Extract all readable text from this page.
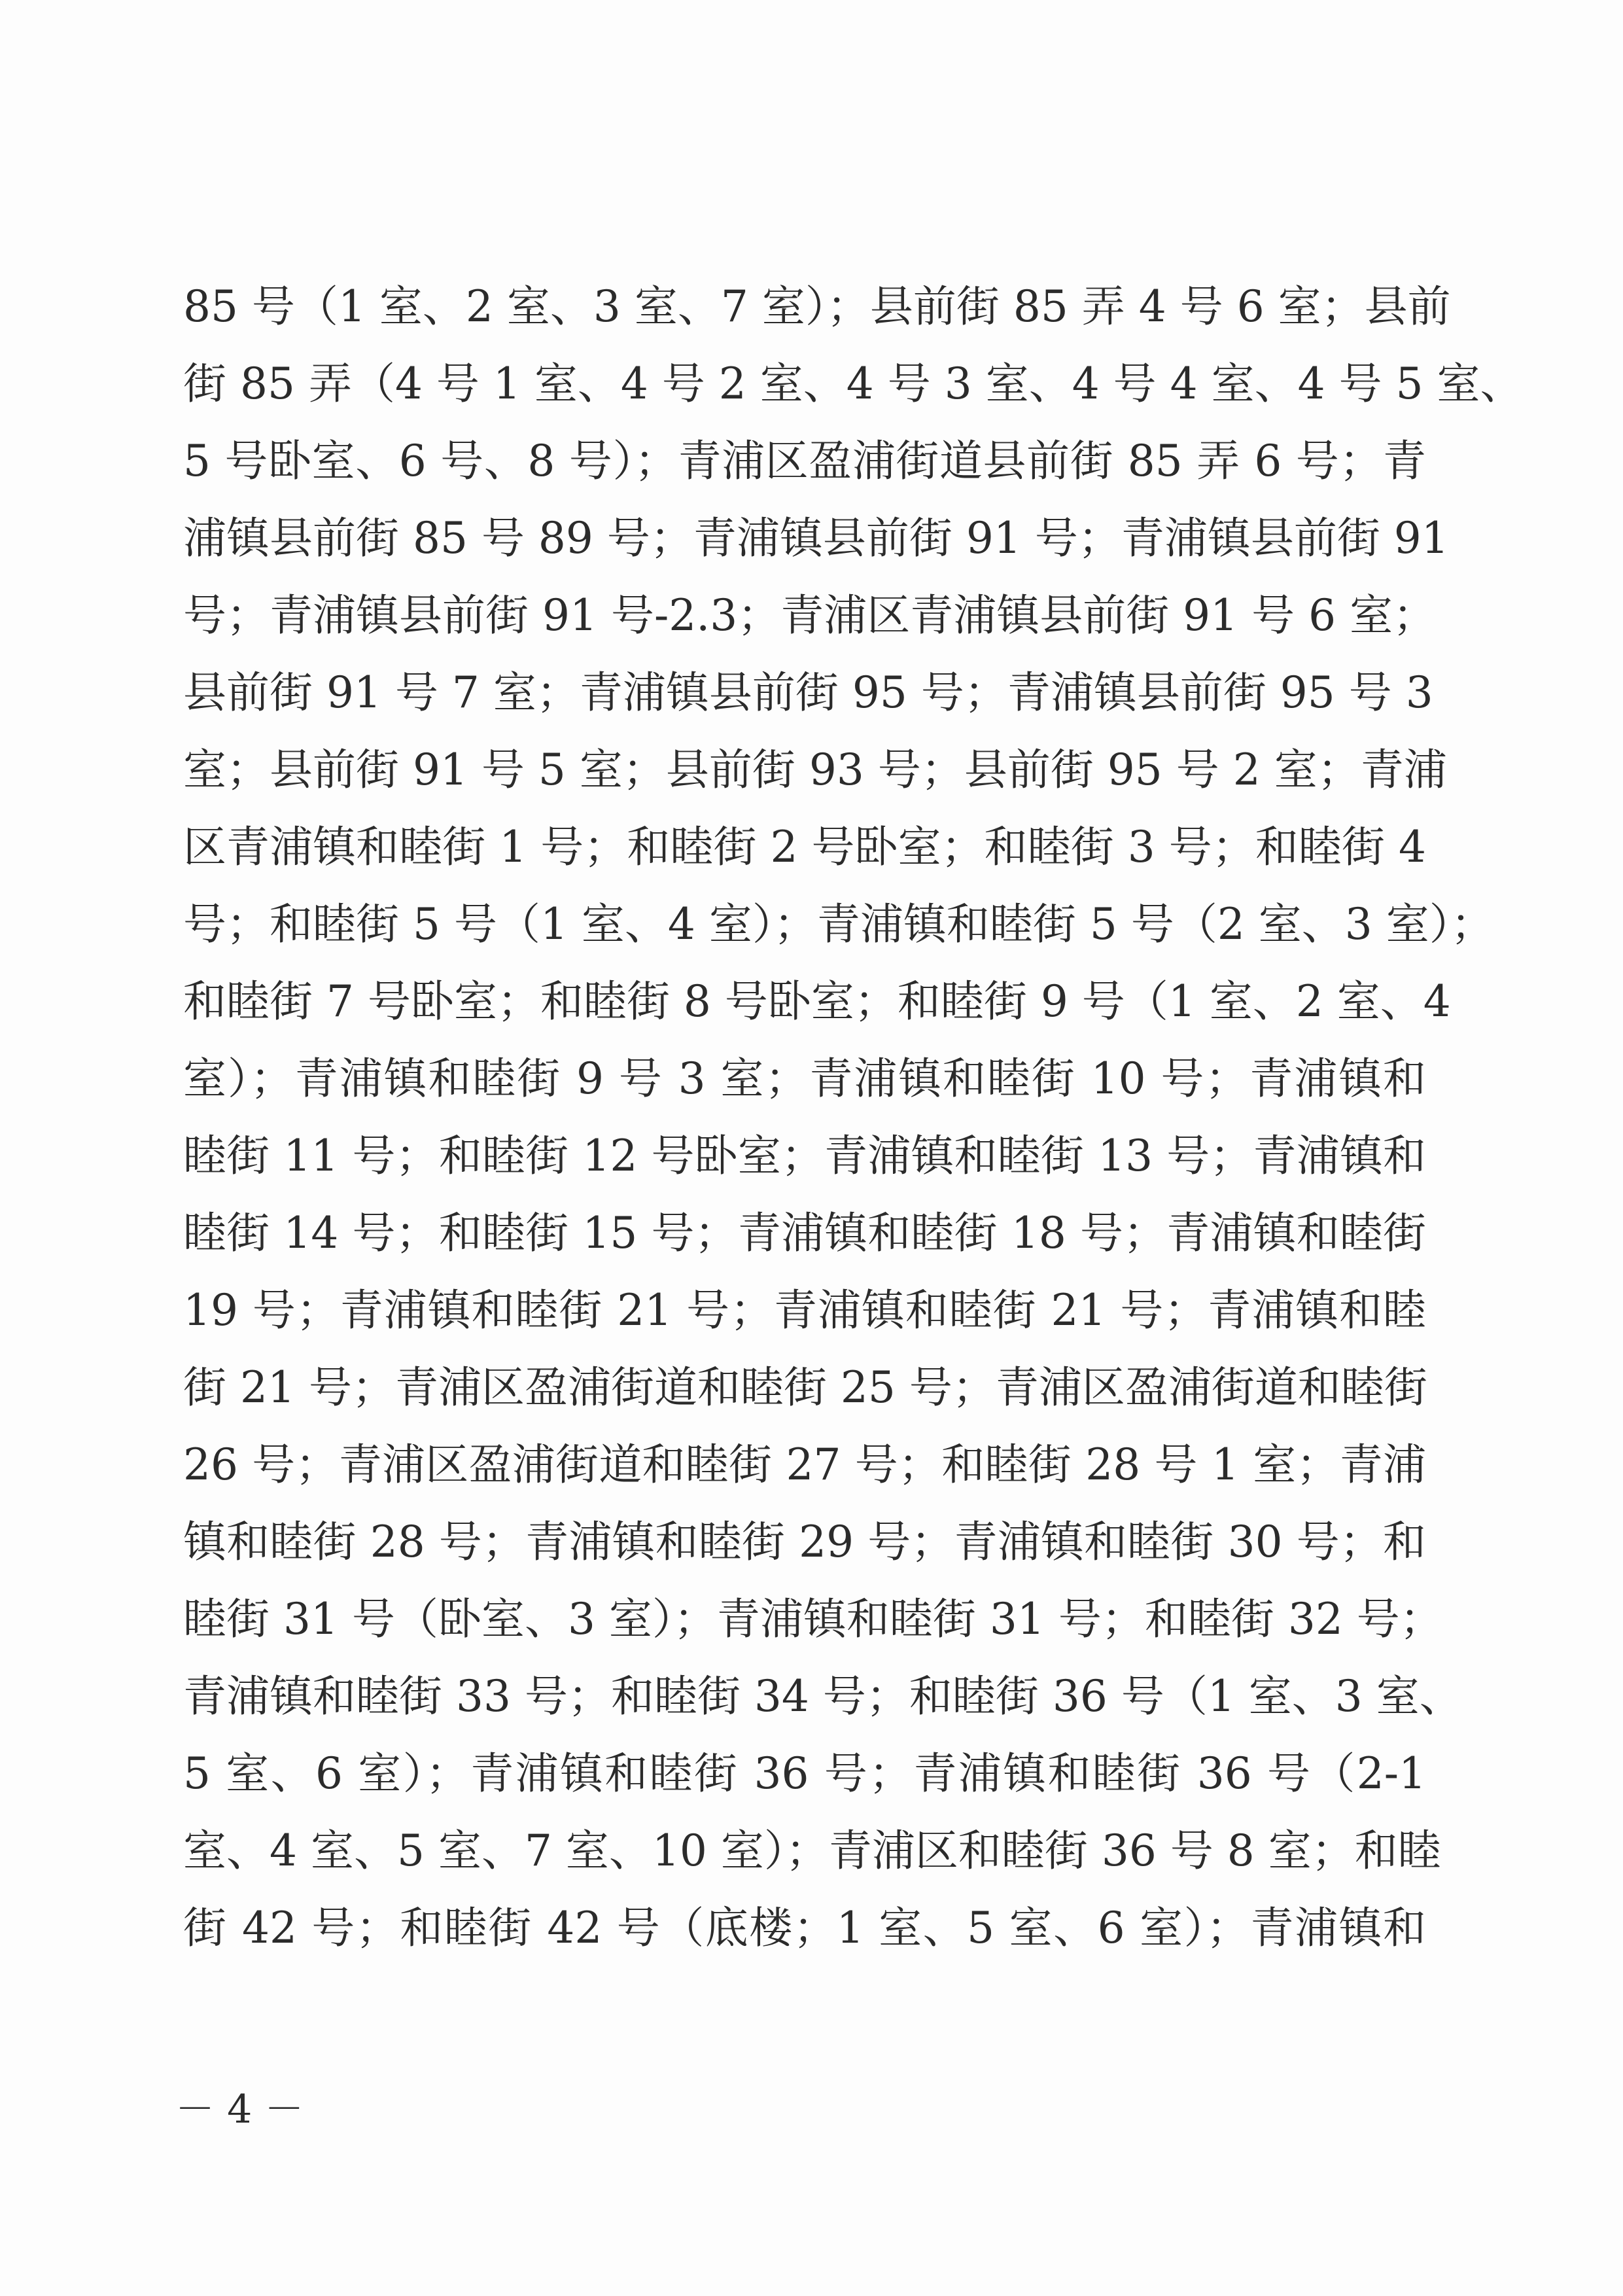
85 号（1 室、2 室、3 室、7 室）；县前街 85 弄 4 号 6 室；县前
街 85 弄（4 号 1 室、4 号 2 室、4 号 3 室、4 号 4 室、4 号 5 室、
5 号卧室、6 号、8 号）；青浦区盈浦街道县前街 85 弄 6 号；青
浦镇县前街 85 号 89 号；青浦镇县前街 91 号；青浦镇县前街 91
号；青浦镇县前街 91 号-2.3；青浦区青浦镇县前街 91 号 6 室；
县前街 91 号 7 室；青浦镇县前街 95 号；青浦镇县前街 95 号 3
室；县前街 91 号 5 室；县前街 93 号；县前街 95 号 2 室；青浦
区青浦镇和睦街 1 号；和睦街 2 号卧室；和睦街 3 号；和睦街 4
号；和睦街 5 号（1 室、4 室）；青浦镇和睦街 5 号（2 室、3 室）；
和睦街 7 号卧室；和睦街 8 号卧室；和睦街 9 号（1 室、2 室、4
室）；青浦镇和睦街 9 号 3 室；青浦镇和睦街 10 号；青浦镇和
睦街 11 号；和睦街 12 号卧室；青浦镇和睦街 13 号；青浦镇和
睦街 14 号；和睦街 15 号；青浦镇和睦街 18 号；青浦镇和睦街
19 号；青浦镇和睦街 21 号；青浦镇和睦街 21 号；青浦镇和睦
街 21 号；青浦区盈浦街道和睦街 25 号；青浦区盈浦街道和睦街
26 号；青浦区盈浦街道和睦街 27 号；和睦街 28 号 1 室；青浦
镇和睦街 28 号；青浦镇和睦街 29 号；青浦镇和睦街 30 号；和
睦街 31 号（卧室、3 室）；青浦镇和睦街 31 号；和睦街 32 号；
青浦镇和睦街 33 号；和睦街 34 号；和睦街 36 号（1 室、3 室、
5 室、6 室）；青浦镇和睦街 36 号；青浦镇和睦街 36 号（2-1
室、4 室、5 室、7 室、10 室）；青浦区和睦街 36 号 8 室；和睦
街 42 号；和睦街 42 号（底楼；1 室、5 室、6 室）；青浦镇和
－ 4 －
